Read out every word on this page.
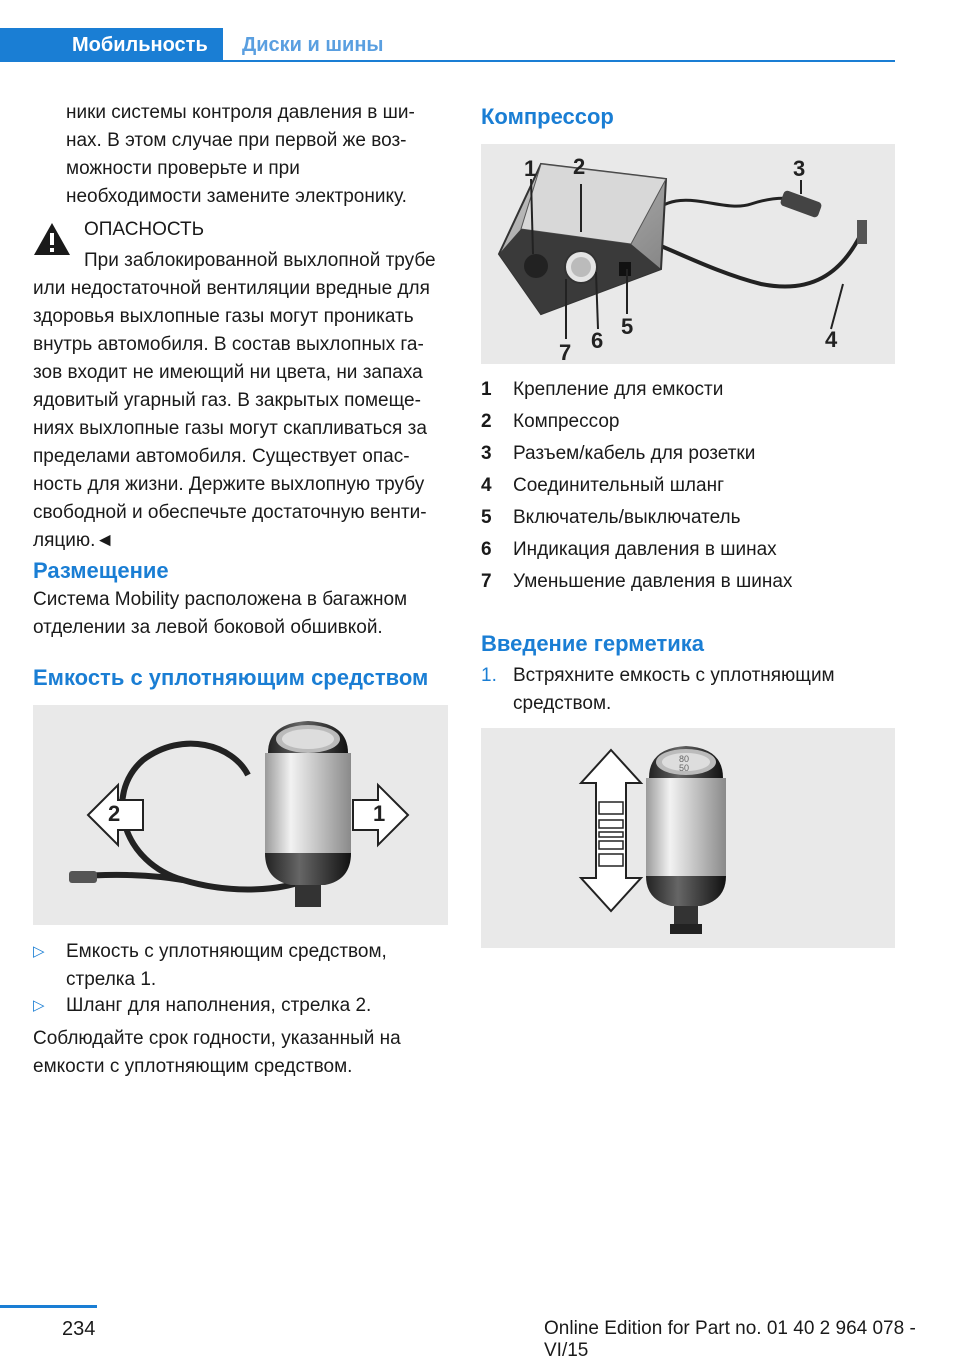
Мобильность	Диски и шины

ники системы контроля давления в ши-

нах. В этом случае при первой же воз-

можности проверьте и при

необходимости замените электронику.

ОПАСНОСТЬ

При заблокированной выхлопной трубе

или недостаточной вентиляции вредные для

здоровья выхлопные газы могут проникать

внутрь автомобиля. В состав выхлопных га-

зов входит не имеющий ни цвета, ни запаха

ядовитый угарный газ. В закрытых помеще-

ниях выхлопные газы могут скапливаться за

пределами автомобиля. Существует опас-

ность для жизни. Держите выхлопную трубу

свободной и обеспечьте достаточную венти-

ляцию.◄

Размещение

Система Mobility расположена в багажном

отделении за левой боковой обшивкой.

Емкость с уплотняющим средством

2	1
▷ Емкость с уплотняющим средством,
стрелка 1.
▷ Шланг для наполнения, стрелка 2.

Соблюдайте срок годности, указанный на

емкости с уплотняющим средством.

Компрессор

1 2	3
4
5
6
7
1 Крепление для емкости
2 Компрессор
3 Разъем/кабель для розетки
4 Соединительный шланг
5 Включатель/выключатель
6 Индикация давления в шинах
7 Уменьшение давления в шинах

Введение герметика

1. Встряхните емкость с уплотняющим
средством.
80
50
234	Online Edition for Part no. 01 40 2 964 078 - VI/15
